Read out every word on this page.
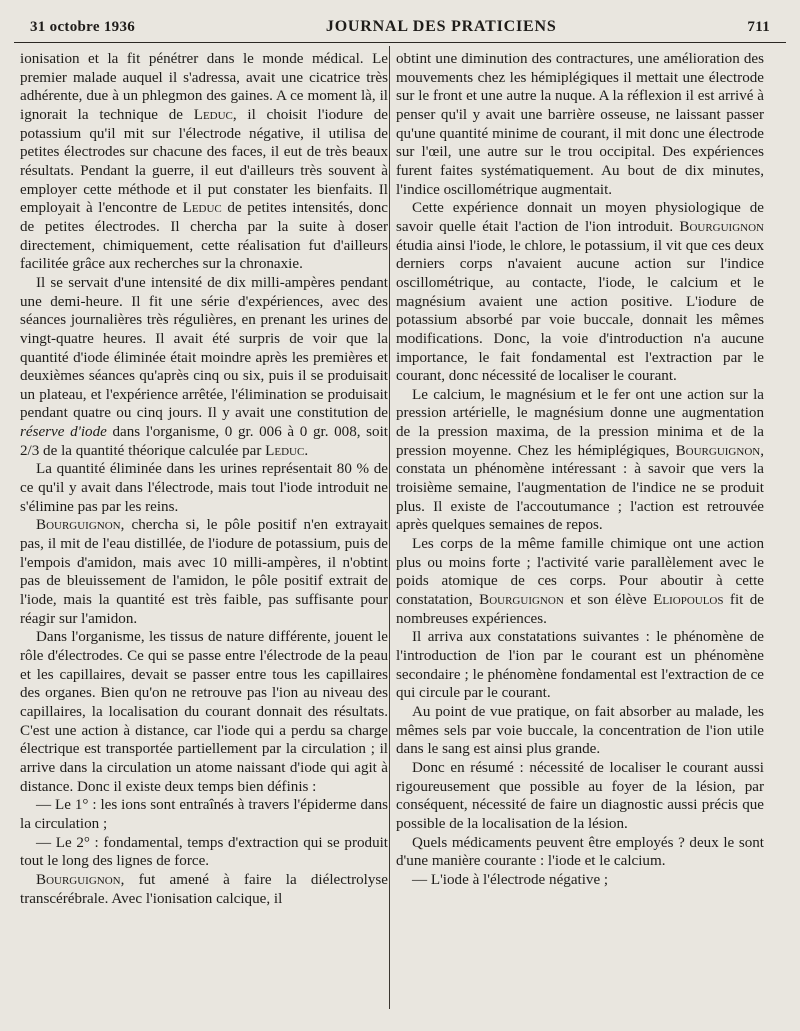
31 octobre 1936	JOURNAL DES PRATICIENS	711

ionisation et la fit pénétrer dans le monde médical. Le premier malade auquel il s'adressa, avait une cicatrice très adhérente, due à un phlegmon des gaines. A ce moment là, il ignorait la technique de Leduc, il choisit l'iodure de potassium qu'il mit sur l'électrode négative, il utilisa de petites électrodes sur chacune des faces, il eut de très beaux résultats. Pendant la guerre, il eut d'ailleurs très souvent à employer cette méthode et il put constater les bienfaits. Il employait à l'encontre de Leduc de petites intensités, donc de petites électrodes. Il chercha par la suite à doser directement, chimiquement, cette réalisation fut d'ailleurs facilitée grâce aux recherches sur la chronaxie.

Il se servait d'une intensité de dix milli-ampères pendant une demi-heure. Il fit une série d'expériences, avec des séances journalières très régulières, en prenant les urines de vingt-quatre heures. Il avait été surpris de voir que la quantité d'iode éliminée était moindre après les premières et deuxièmes séances qu'après cinq ou six, puis il se produisait un plateau, et l'expérience arrêtée, l'élimination se produisait pendant quatre ou cinq jours. Il y avait une constitution de réserve d'iode dans l'organisme, 0 gr. 006 à 0 gr. 008, soit 2/3 de la quantité théorique calculée par Leduc.

La quantité éliminée dans les urines représentait 80 % de ce qu'il y avait dans l'électrode, mais tout l'iode introduit ne s'élimine pas par les reins.

Bourguignon, chercha si, le pôle positif n'en extrayait pas, il mit de l'eau distillée, de l'iodure de potassium, puis de l'empois d'amidon, mais avec 10 milli-ampères, il n'obtint pas de bleuissement de l'amidon, le pôle positif extrait de l'iode, mais la quantité est très faible, pas suffisante pour réagir sur l'amidon.

Dans l'organisme, les tissus de nature différente, jouent le rôle d'électrodes. Ce qui se passe entre l'électrode de la peau et les capillaires, devait se passer entre tous les capillaires des organes. Bien qu'on ne retrouve pas l'ion au niveau des capillaires, la localisation du courant donnait des résultats. C'est une action à distance, car l'iode qui a perdu sa charge électrique est transportée partiellement par la circulation ; il arrive dans la circulation un atome naissant d'iode qui agit à distance. Donc il existe deux temps bien définis :

— Le 1° : les ions sont entraînés à travers l'épiderme dans la circulation ;

— Le 2° : fondamental, temps d'extraction qui se produit tout le long des lignes de force.

Bourguignon, fut amené à faire la diélectrolyse transcérébrale. Avec l'ionisation calcique, il

obtint une diminution des contractures, une amélioration des mouvements chez les hémiplégiques il mettait une électrode sur le front et une autre la nuque. A la réflexion il est arrivé à penser qu'il y avait une barrière osseuse, ne laissant passer qu'une quantité minime de courant, il mit donc une électrode sur l'œil, une autre sur le trou occipital. Des expériences furent faites systématiquement. Au bout de dix minutes, l'indice oscillométrique augmentait.

Cette expérience donnait un moyen physiologique de savoir quelle était l'action de l'ion introduit. Bourguignon étudia ainsi l'iode, le chlore, le potassium, il vit que ces deux derniers corps n'avaient aucune action sur l'indice oscillométrique, au contacte, l'iode, le calcium et le magnésium avaient une action positive. L'iodure de potassium absorbé par voie buccale, donnait les mêmes modifications. Donc, la voie d'introduction n'a aucune importance, le fait fondamental est l'extraction par le courant, donc nécessité de localiser le courant.

Le calcium, le magnésium et le fer ont une action sur la pression artérielle, le magnésium donne une augmentation de la pression maxima, de la pression minima et de la pression moyenne. Chez les hémiplégiques, Bourguignon, constata un phénomène intéressant : à savoir que vers la troisième semaine, l'augmentation de l'indice ne se produit plus. Il existe de l'accoutumance ; l'action est retrouvée après quelques semaines de repos.

Les corps de la même famille chimique ont une action plus ou moins forte ; l'activité varie parallèlement avec le poids atomique de ces corps. Pour aboutir à cette constatation, Bourguignon et son élève Eliopoulos fit de nombreuses expériences.

Il arriva aux constatations suivantes : le phénomène de l'introduction de l'ion par le courant est un phénomène secondaire ; le phénomène fondamental est l'extraction de ce qui circule par le courant.

Au point de vue pratique, on fait absorber au malade, les mêmes sels par voie buccale, la concentration de l'ion utile dans le sang est ainsi plus grande.

Donc en résumé : nécessité de localiser le courant aussi rigoureusement que possible au foyer de la lésion, par conséquent, nécessité de faire un diagnostic aussi précis que possible de la localisation de la lésion.

Quels médicaments peuvent être employés ? deux le sont d'une manière courante : l'iode et le calcium.

— L'iode à l'électrode négative ;
